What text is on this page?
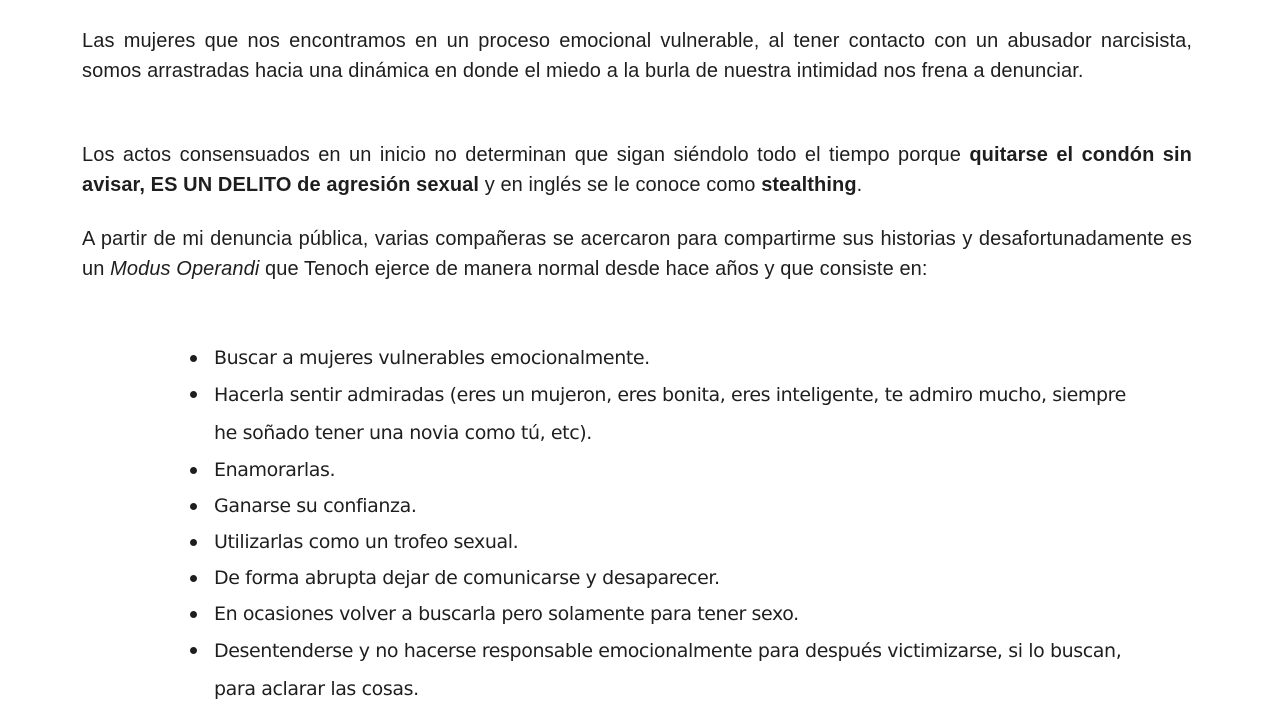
Las mujeres que nos encontramos en un proceso emocional vulnerable, al tener contacto con un abusador narcisista, somos arrastradas hacia una dinámica en donde el miedo a la burla de nuestra intimidad nos frena a denunciar.

Los actos consensuados en un inicio no determinan que sigan siéndolo todo el tiempo porque quitarse el condón sin avisar, ES UN DELITO de agresión sexual y en inglés se le conoce como stealthing.

A partir de mi denuncia pública, varias compañeras se acercaron para compartirme sus historias y desafortunadamente es un Modus Operandi que Tenoch ejerce de manera normal desde hace años y que consiste en:

Buscar a mujeres vulnerables emocionalmente.
Hacerla sentir admiradas (eres un mujeron, eres bonita, eres inteligente, te admiro mucho, siempre he soñado tener una novia como tú, etc).
Enamorarlas.
Ganarse su confianza.
Utilizarlas como un trofeo sexual.
De forma abrupta dejar de comunicarse y desaparecer.
En ocasiones volver a buscarla pero solamente para tener sexo.
Desentenderse y no hacerse responsable emocionalmente para después victimizarse, si lo buscan, para aclarar las cosas.
